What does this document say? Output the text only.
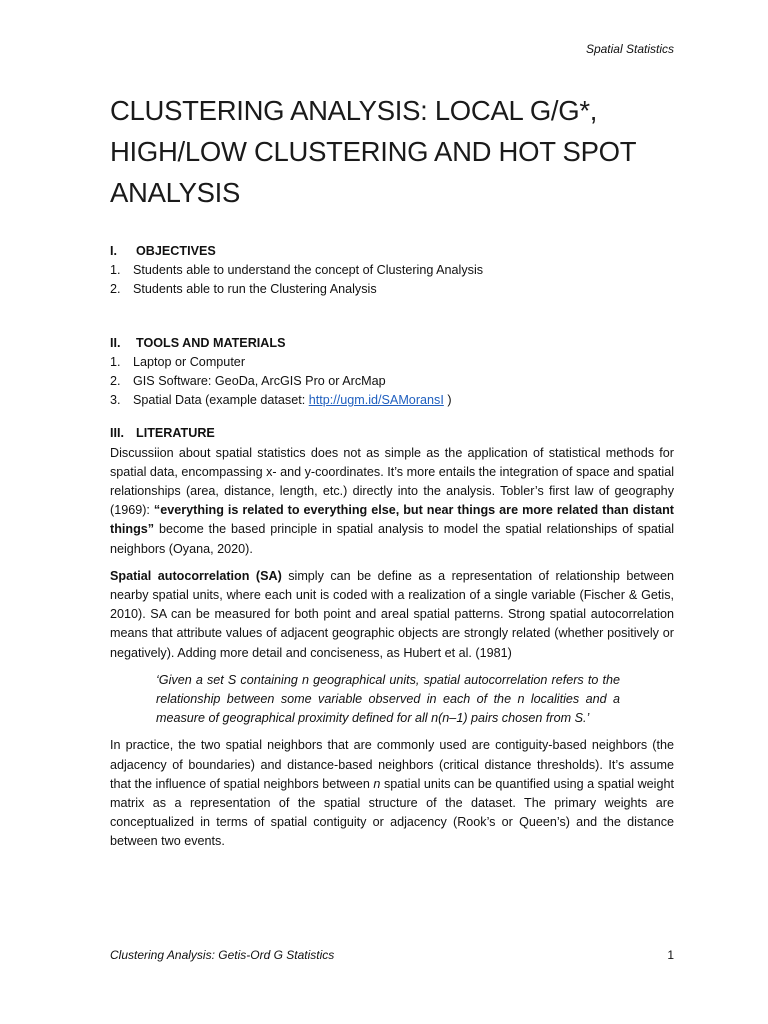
Spatial Statistics
CLUSTERING ANALYSIS: LOCAL G/G*, HIGH/LOW CLUSTERING AND HOT SPOT ANALYSIS
I. OBJECTIVES
1. Students able to understand the concept of Clustering Analysis
2. Students able to run the Clustering Analysis
II. TOOLS AND MATERIALS
1. Laptop or Computer
2. GIS Software: GeoDa, ArcGIS Pro or ArcMap
3. Spatial Data (example dataset: http://ugm.id/SAMoransI )
III. LITERATURE

Discussiion about spatial statistics does not as simple as the application of statistical methods for spatial data, encompassing x- and y-coordinates. It’s more entails the integration of space and spatial relationships (area, distance, length, etc.) directly into the analysis. Tobler’s first law of geography (1969): “everything is related to everything else, but near things are more related than distant things” become the based principle in spatial analysis to model the spatial relationships of spatial neighbors (Oyana, 2020).

Spatial autocorrelation (SA) simply can be define as a representation of relationship between nearby spatial units, where each unit is coded with a realization of a single variable (Fischer & Getis, 2010). SA can be measured for both point and areal spatial patterns. Strong spatial autocorrelation means that attribute values of adjacent geographic objects are strongly related (whether positively or negatively). Adding more detail and conciseness, as Hubert et al. (1981)

‘Given a set S containing n geographical units, spatial autocorrelation refers to the relationship between some variable observed in each of the n localities and a measure of geographical proximity defined for all n(n–1) pairs chosen from S.’

In practice, the two spatial neighbors that are commonly used are contiguity-based neighbors (the adjacency of boundaries) and distance-based neighbors (critical distance thresholds). It’s assume that the influence of spatial neighbors between n spatial units can be quantified using a spatial weight matrix as a representation of the spatial structure of the dataset. The primary weights are conceptualized in terms of spatial contiguity or adjacency (Rook’s or Queen’s) and the distance between two events.

Clustering Analysis: Getis-Ord G Statistics	1
